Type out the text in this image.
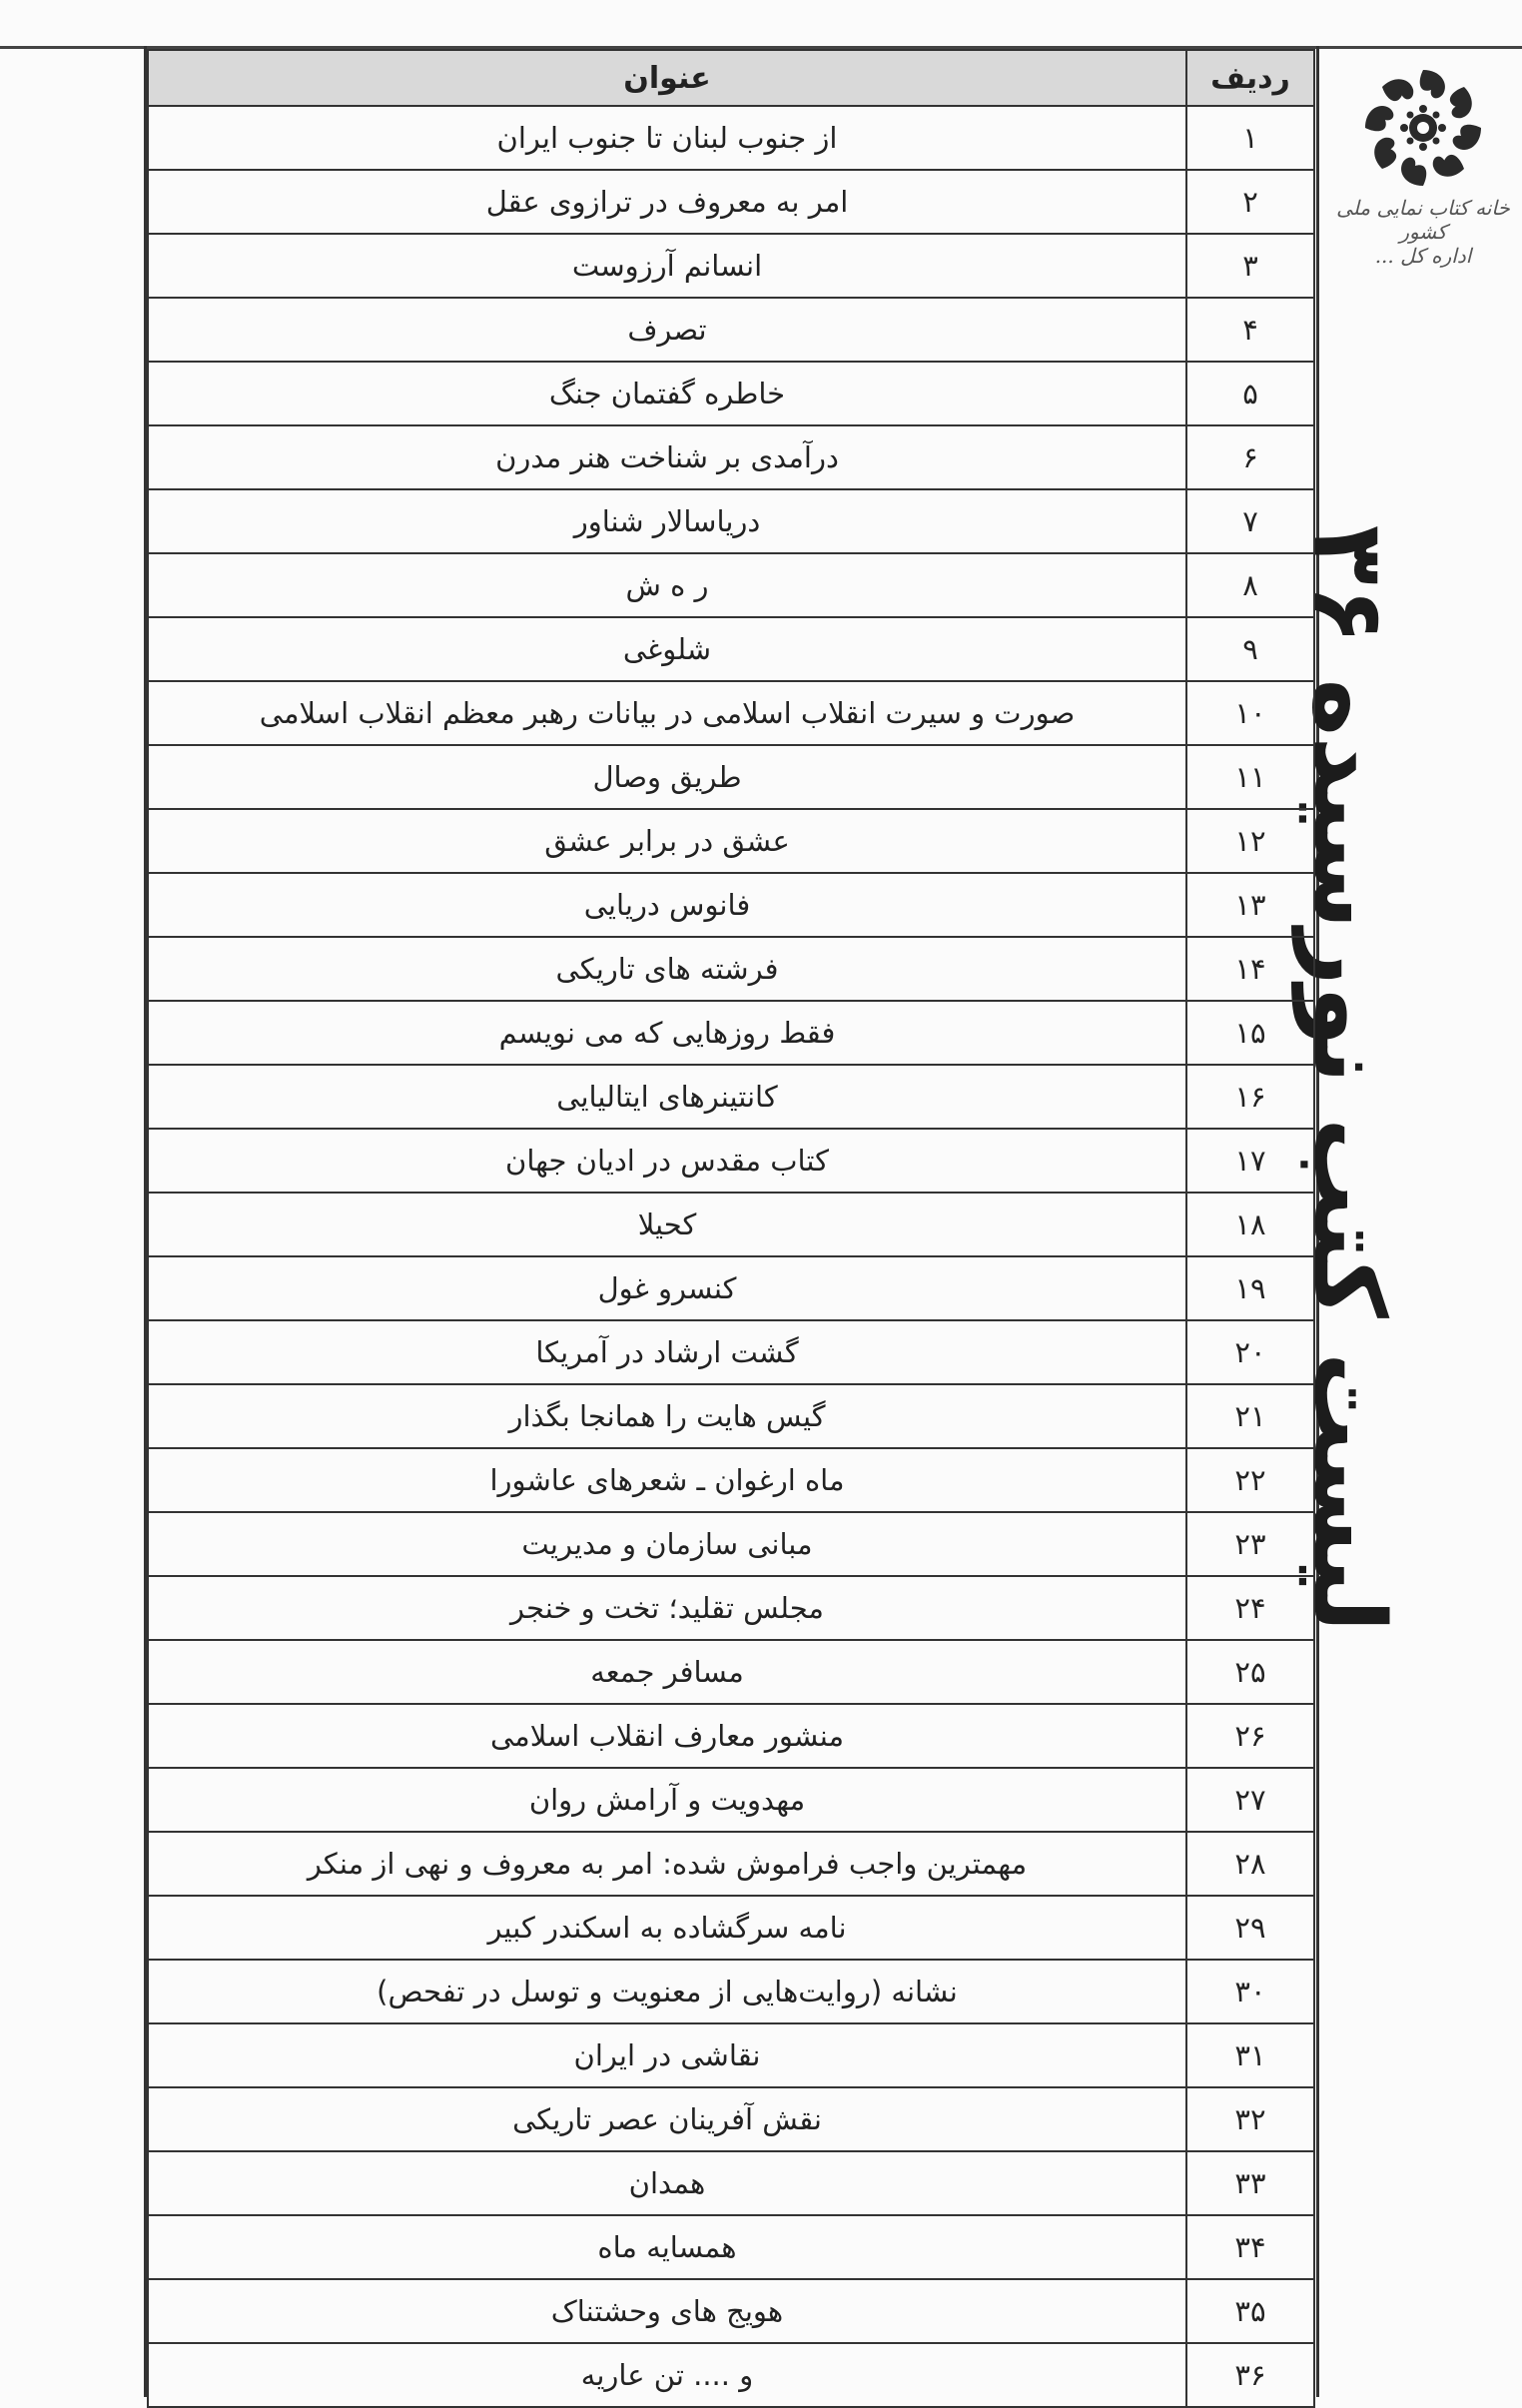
خانه کتاب نمایی ملی کشور
اداره کل ...
لیست کتب نورسیده ۳۶
ردیف	عنوان
۱	از جنوب لبنان تا جنوب ایران
۲	امر به معروف در ترازوی عقل
۳	انسانم آرزوست
۴	تصرف
۵	خاطره گفتمان جنگ
۶	درآمدی بر شناخت هنر مدرن
۷	دریاسالار شناور
۸	ر ه ش
۹	شلوغی
۱۰	صورت و سیرت انقلاب اسلامی در بیانات رهبر معظم انقلاب اسلامی
۱۱	طریق وصال
۱۲	عشق در برابر عشق
۱۳	فانوس دریایی
۱۴	فرشته های تاریکی
۱۵	فقط روزهایی که می نویسم
۱۶	کانتینرهای ایتالیایی
۱۷	کتاب مقدس در ادیان جهان
۱۸	کحیلا
۱۹	کنسرو غول
۲۰	گشت ارشاد در آمریکا
۲۱	گیس هایت را همانجا بگذار
۲۲	ماه ارغوان ـ شعرهای عاشورا
۲۳	مبانی سازمان و مدیریت
۲۴	مجلس تقلید؛ تخت و خنجر
۲۵	مسافر جمعه
۲۶	منشور معارف انقلاب اسلامی
۲۷	مهدویت و آرامش روان
۲۸	مهمترین واجب فراموش شده: امر به معروف و نهی از منکر
۲۹	نامه سرگشاده به اسکندر کبیر
۳۰	نشانه (روایت‌هایی از معنویت و توسل در تفحص)
۳۱	نقاشی در ایران
۳۲	نقش آفرینان عصر تاریکی
۳۳	همدان
۳۴	همسایه ماه
۳۵	هویج های وحشتناک
۳۶	و .... تن عاریه
